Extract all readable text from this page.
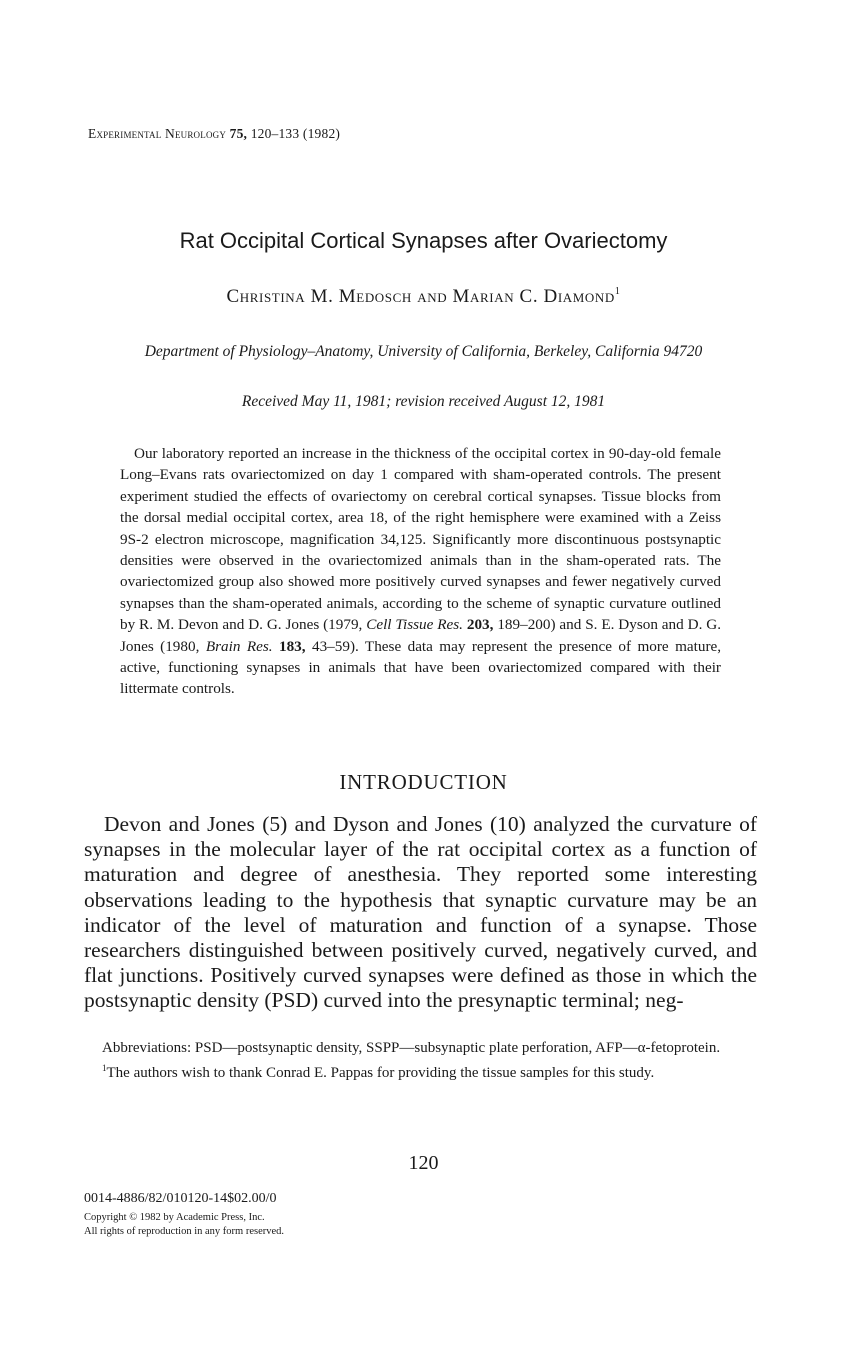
Experimental Neurology 75, 120–133 (1982)
Rat Occipital Cortical Synapses after Ovariectomy
Christina M. Medosch and Marian C. Diamond$^1$
Department of Physiology–Anatomy, University of California, Berkeley, California 94720
Received May 11, 1981; revision received August 12, 1981

Our laboratory reported an increase in the thickness of the occipital cortex in 90-day-old female Long–Evans rats ovariectomized on day 1 compared with sham-operated controls. The present experiment studied the effects of ovariectomy on cerebral cortical synapses. Tissue blocks from the dorsal medial occipital cortex, area 18, of the right hemisphere were examined with a Zeiss 9S-2 electron microscope, magnification 34,125. Significantly more discontinuous postsynaptic densities were observed in the ovariectomized animals than in the sham-operated rats. The ovariectomized group also showed more positively curved synapses and fewer negatively curved synapses than the sham-operated animals, according to the scheme of synaptic curvature outlined by R. M. Devon and D. G. Jones (1979, Cell Tissue Res. 203, 189–200) and S. E. Dyson and D. G. Jones (1980, Brain Res. 183, 43–59). These data may represent the presence of more mature, active, functioning synapses in animals that have been ovariectomized compared with their littermate controls.

INTRODUCTION

Devon and Jones (5) and Dyson and Jones (10) analyzed the curvature of synapses in the molecular layer of the rat occipital cortex as a function of maturation and degree of anesthesia. They reported some interesting observations leading to the hypothesis that synaptic curvature may be an indicator of the level of maturation and function of a synapse. Those researchers distinguished between positively curved, negatively curved, and flat junctions. Positively curved synapses were defined as those in which the postsynaptic density (PSD) curved into the presynaptic terminal; neg-

Abbreviations: PSD—postsynaptic density, SSPP—subsynaptic plate perforation, AFP—α-fetoprotein.

$^1$The authors wish to thank Conrad E. Pappas for providing the tissue samples for this study.

120
0014-4886/82/010120-14$02.00/0
Copyright © 1982 by Academic Press, Inc.
All rights of reproduction in any form reserved.
